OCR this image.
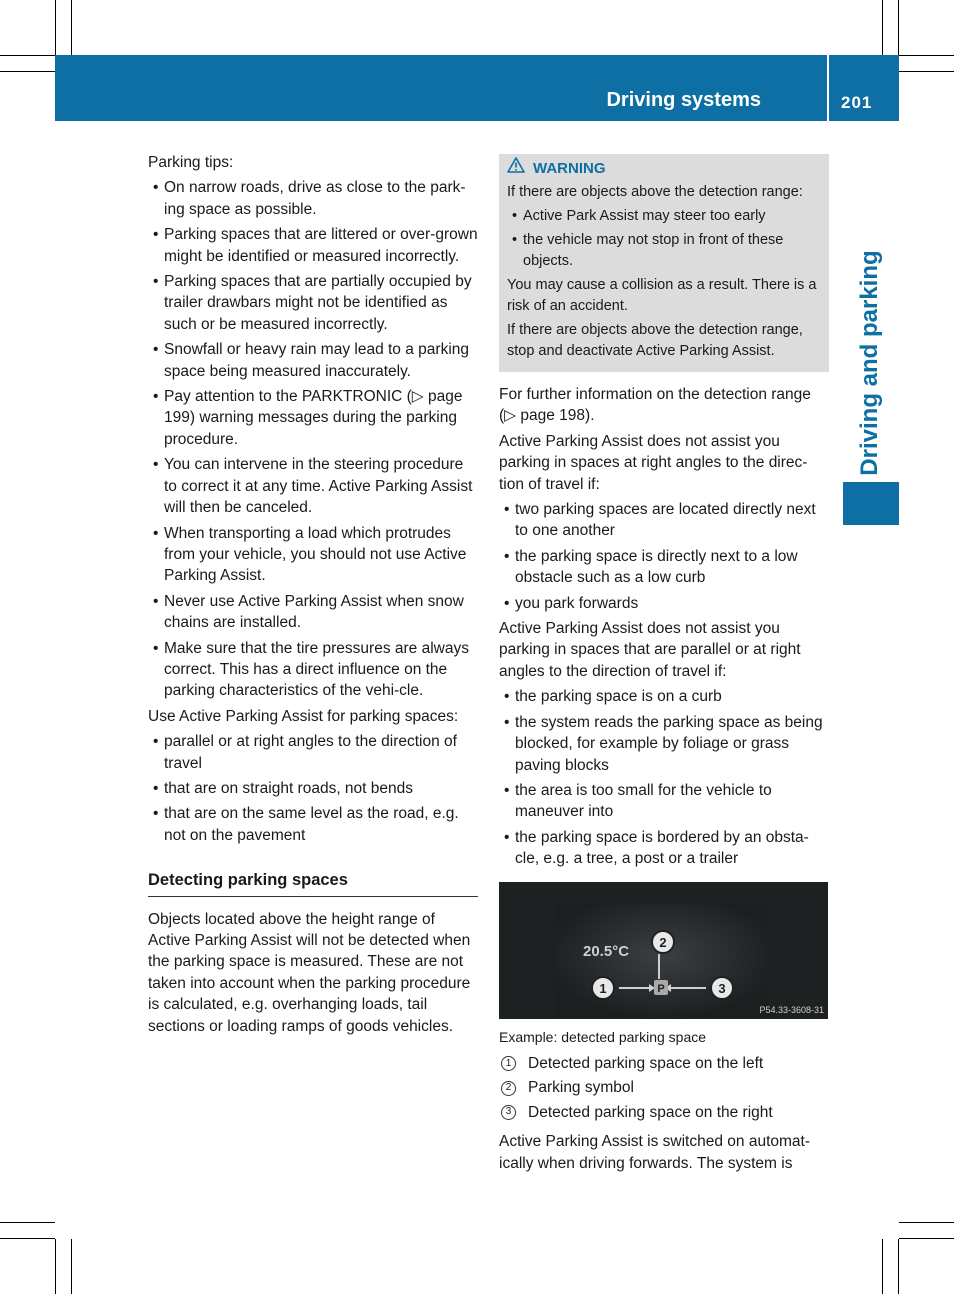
Driving systems	201
Driving and parking

Parking tips:

• On narrow roads, drive as close to the park-ing space as possible.
• Parking spaces that are littered or over-grown might be identified or measured incorrectly.
• Parking spaces that are partially occupied by trailer drawbars might not be identified as such or be measured incorrectly.
• Snowfall or heavy rain may lead to a parking space being measured inaccurately.
• Pay attention to the PARKTRONIC (▷ page 199) warning messages during the parking procedure.
• You can intervene in the steering procedure to correct it at any time. Active Parking Assist will then be canceled.
• When transporting a load which protrudes from your vehicle, you should not use Active Parking Assist.
• Never use Active Parking Assist when snow chains are installed.
• Make sure that the tire pressures are always correct. This has a direct influence on the parking characteristics of the vehi-cle.

Use Active Parking Assist for parking spaces:

• parallel or at right angles to the direction of travel
• that are on straight roads, not bends
• that are on the same level as the road, e.g. not on the pavement
Detecting parking spaces

Objects located above the height range of Active Parking Assist will not be detected when the parking space is measured. These are not taken into account when the parking procedure is calculated, e.g. overhanging loads, tail sections or loading ramps of goods vehicles.

WARNING

If there are objects above the detection range:

• Active Park Assist may steer too early
• the vehicle may not stop in front of these objects.

You may cause a collision as a result. There is a risk of an accident.

If there are objects above the detection range, stop and deactivate Active Parking Assist.

For further information on the detection range (▷ page 198).

Active Parking Assist does not assist you parking in spaces at right angles to the direc-tion of travel if:

• two parking spaces are located directly next to one another
• the parking space is directly next to a low obstacle such as a low curb
• you park forwards

Active Parking Assist does not assist you parking in spaces that are parallel or at right angles to the direction of travel if:

• the parking space is on a curb
• the system reads the parking space as being blocked, for example by foliage or grass paving blocks
• the area is too small for the vehicle to maneuver into
• the parking space is bordered by an obsta-cle, e.g. a tree, a post or a trailer
20.5°C
P
1
2
3
P54.33-3608-31
Example: detected parking space
1	Detected parking space on the left
2	Parking symbol
3	Detected parking space on the right

Active Parking Assist is switched on automat-ically when driving forwards. The system is
